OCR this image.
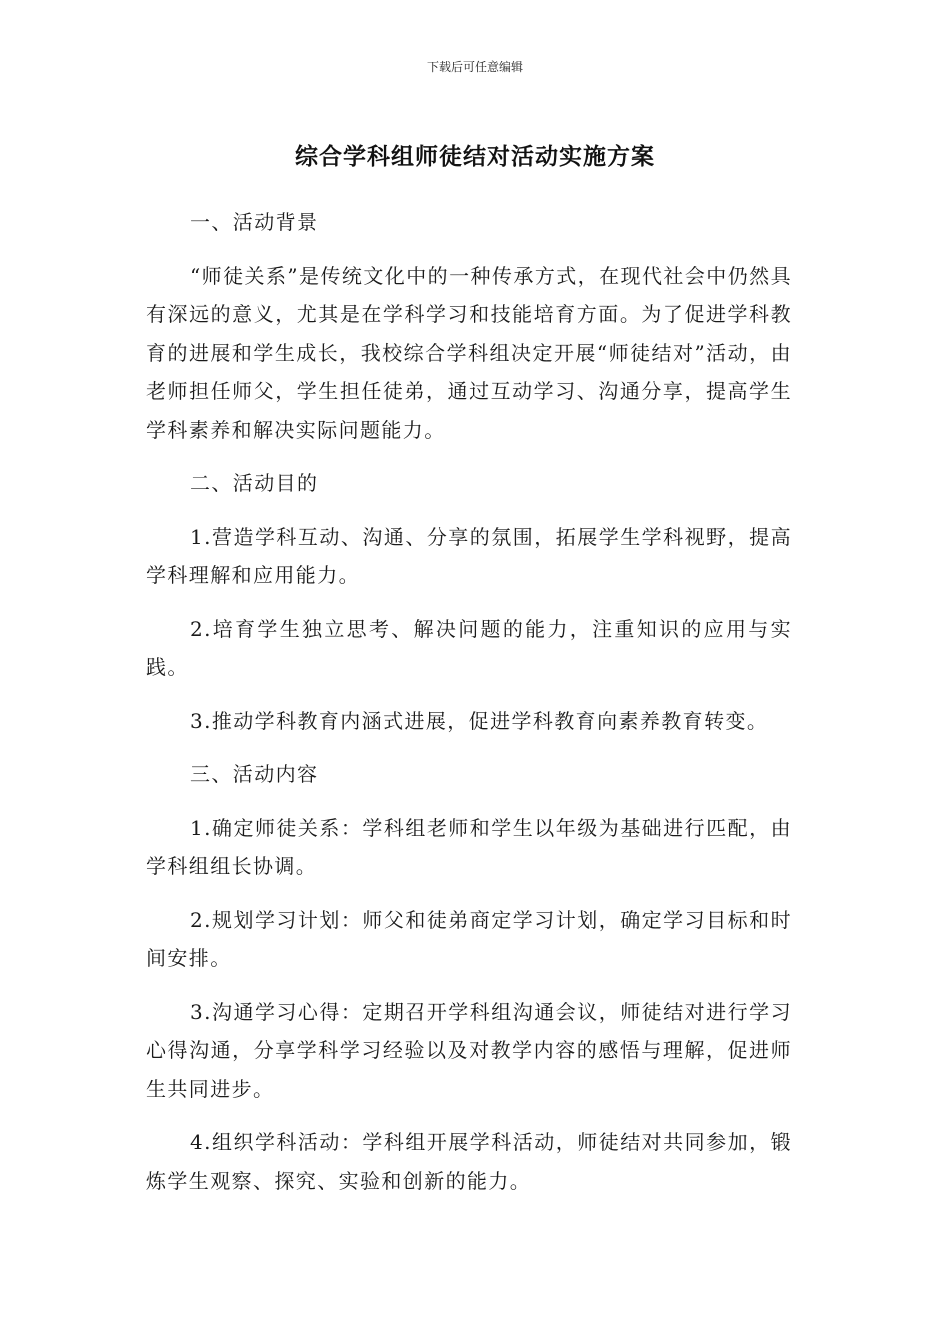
下载后可任意编辑
综合学科组师徒结对活动实施方案

一、活动背景

“师徒关系”是传统文化中的一种传承方式，在现代社会中仍然具有深远的意义，尤其是在学科学习和技能培育方面。为了促进学科教育的进展和学生成长，我校综合学科组决定开展“师徒结对”活动，由老师担任师父，学生担任徒弟，通过互动学习、沟通分享，提高学生学科素养和解决实际问题能力。

二、活动目的

1.营造学科互动、沟通、分享的氛围，拓展学生学科视野，提高学科理解和应用能力。

2.培育学生独立思考、解决问题的能力，注重知识的应用与实践。

3.推动学科教育内涵式进展，促进学科教育向素养教育转变。

三、活动内容

1.确定师徒关系：学科组老师和学生以年级为基础进行匹配，由学科组组长协调。

2.规划学习计划：师父和徒弟商定学习计划，确定学习目标和时间安排。

3.沟通学习心得：定期召开学科组沟通会议，师徒结对进行学习心得沟通，分享学科学习经验以及对教学内容的感悟与理解，促进师生共同进步。

4.组织学科活动：学科组开展学科活动，师徒结对共同参加，锻炼学生观察、探究、实验和创新的能力。
